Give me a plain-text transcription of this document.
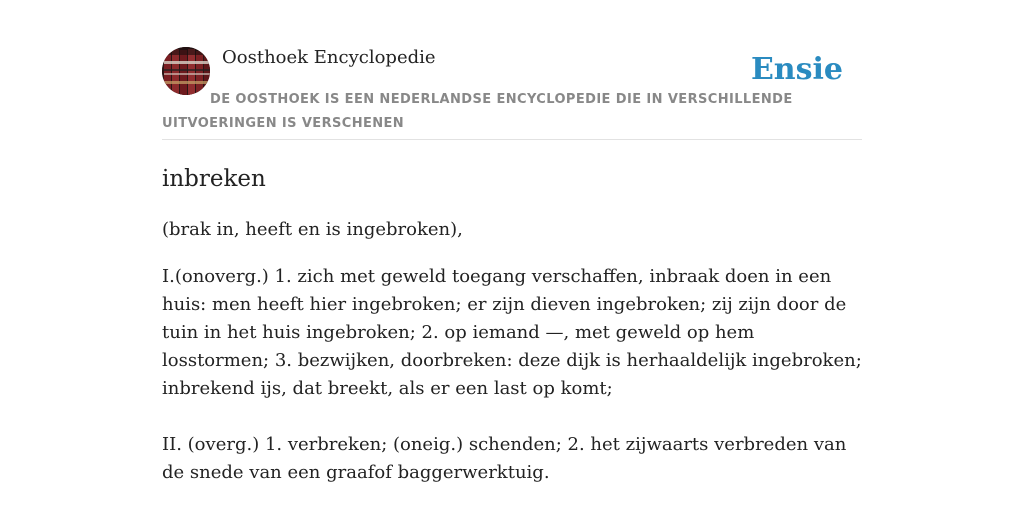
Oosthoek Encyclopedie	Ensie
DE OOSTHOEK IS EEN NEDERLANDSE ENCYCLOPEDIE DIE IN VERSCHILLENDE UITVOERINGEN IS VERSCHENEN
inbreken
(brak in, heeft en is ingebroken),

I.(onoverg.) 1. zich met geweld toegang verschaffen, inbraak doen in een huis: men heeft hier ingebroken; er zijn dieven ingebroken; zij zijn door de tuin in het huis ingebroken; 2. op iemand —, met geweld op hem losstormen; 3. bezwijken, doorbreken: deze dijk is herhaaldelijk ingebroken; inbrekend ijs, dat breekt, als er een last op komt;

II. (overg.) 1. verbreken; (oneig.) schenden; 2. het zijwaarts verbreden van de snede van een graafof baggerwerktuig.
